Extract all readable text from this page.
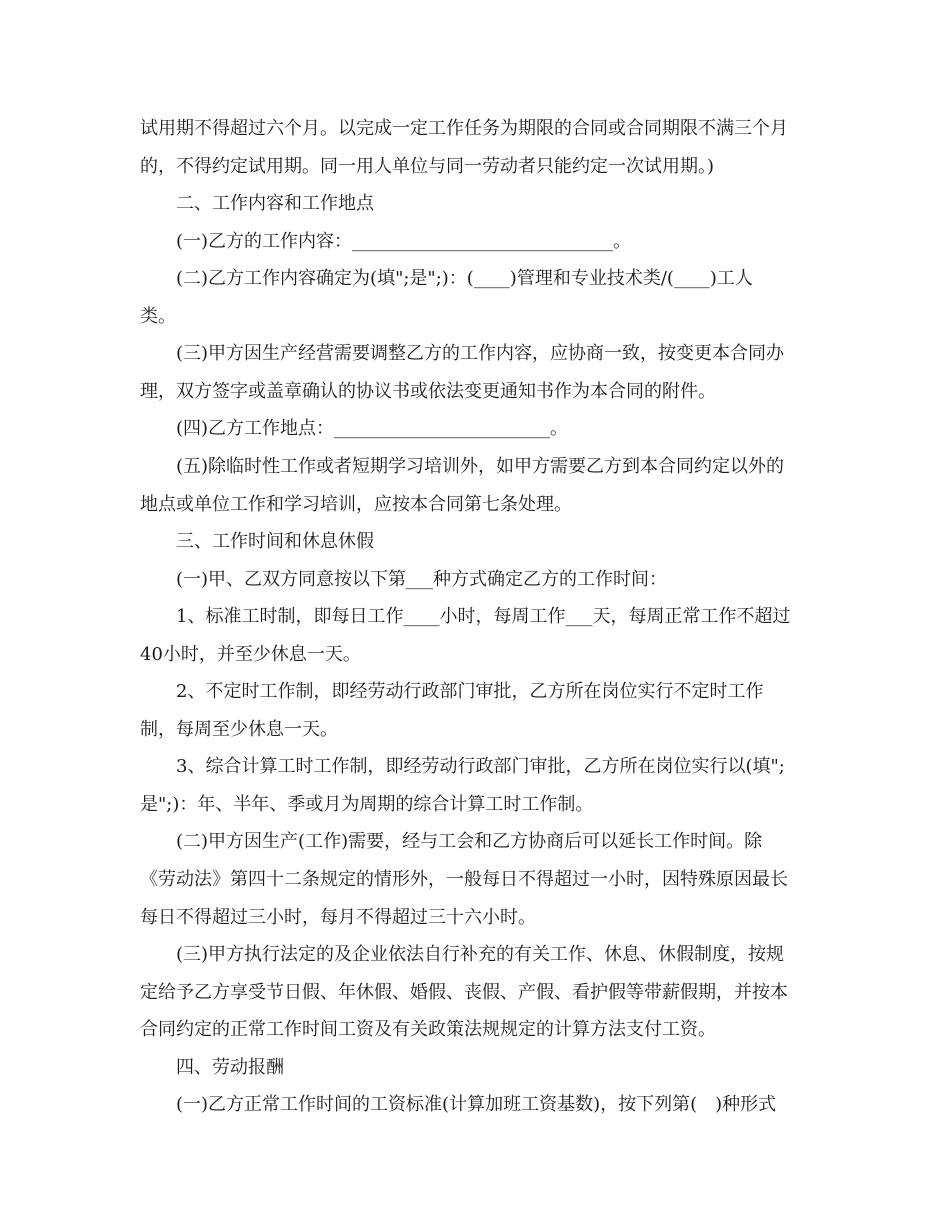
试用期不得超过六个月。以完成一定工作任务为期限的合同或合同期限不满三个月
的，不得约定试用期。同一用人单位与同一劳动者只能约定一次试用期。)
二、工作内容和工作地点
(一)乙方的工作内容：_____________________________。
(二)乙方工作内容确定为(填";是";)：(____)管理和专业技术类/(____)工人
类。
(三)甲方因生产经营需要调整乙方的工作内容，应协商一致，按变更本合同办
理，双方签字或盖章确认的协议书或依法变更通知书作为本合同的附件。
(四)乙方工作地点：________________________。
(五)除临时性工作或者短期学习培训外，如甲方需要乙方到本合同约定以外的
地点或单位工作和学习培训，应按本合同第七条处理。
三、工作时间和休息休假
(一)甲、乙双方同意按以下第___种方式确定乙方的工作时间：
1、标准工时制，即每日工作____小时，每周工作___天，每周正常工作不超过
40小时，并至少休息一天。
2、不定时工作制，即经劳动行政部门审批，乙方所在岗位实行不定时工作
制，每周至少休息一天。
3、综合计算工时工作制，即经劳动行政部门审批，乙方所在岗位实行以(填";
是";)：年、半年、季或月为周期的综合计算工时工作制。
(二)甲方因生产(工作)需要，经与工会和乙方协商后可以延长工作时间。除
《劳动法》第四十二条规定的情形外，一般每日不得超过一小时，因特殊原因最长
每日不得超过三小时，每月不得超过三十六小时。
(三)甲方执行法定的及企业依法自行补充的有关工作、休息、休假制度，按规
定给予乙方享受节日假、年休假、婚假、丧假、产假、看护假等带薪假期，并按本
合同约定的正常工作时间工资及有关政策法规规定的计算方法支付工资。
四、劳动报酬
(一)乙方正常工作时间的工资标准(计算加班工资基数)，按下列第(　)种形式
